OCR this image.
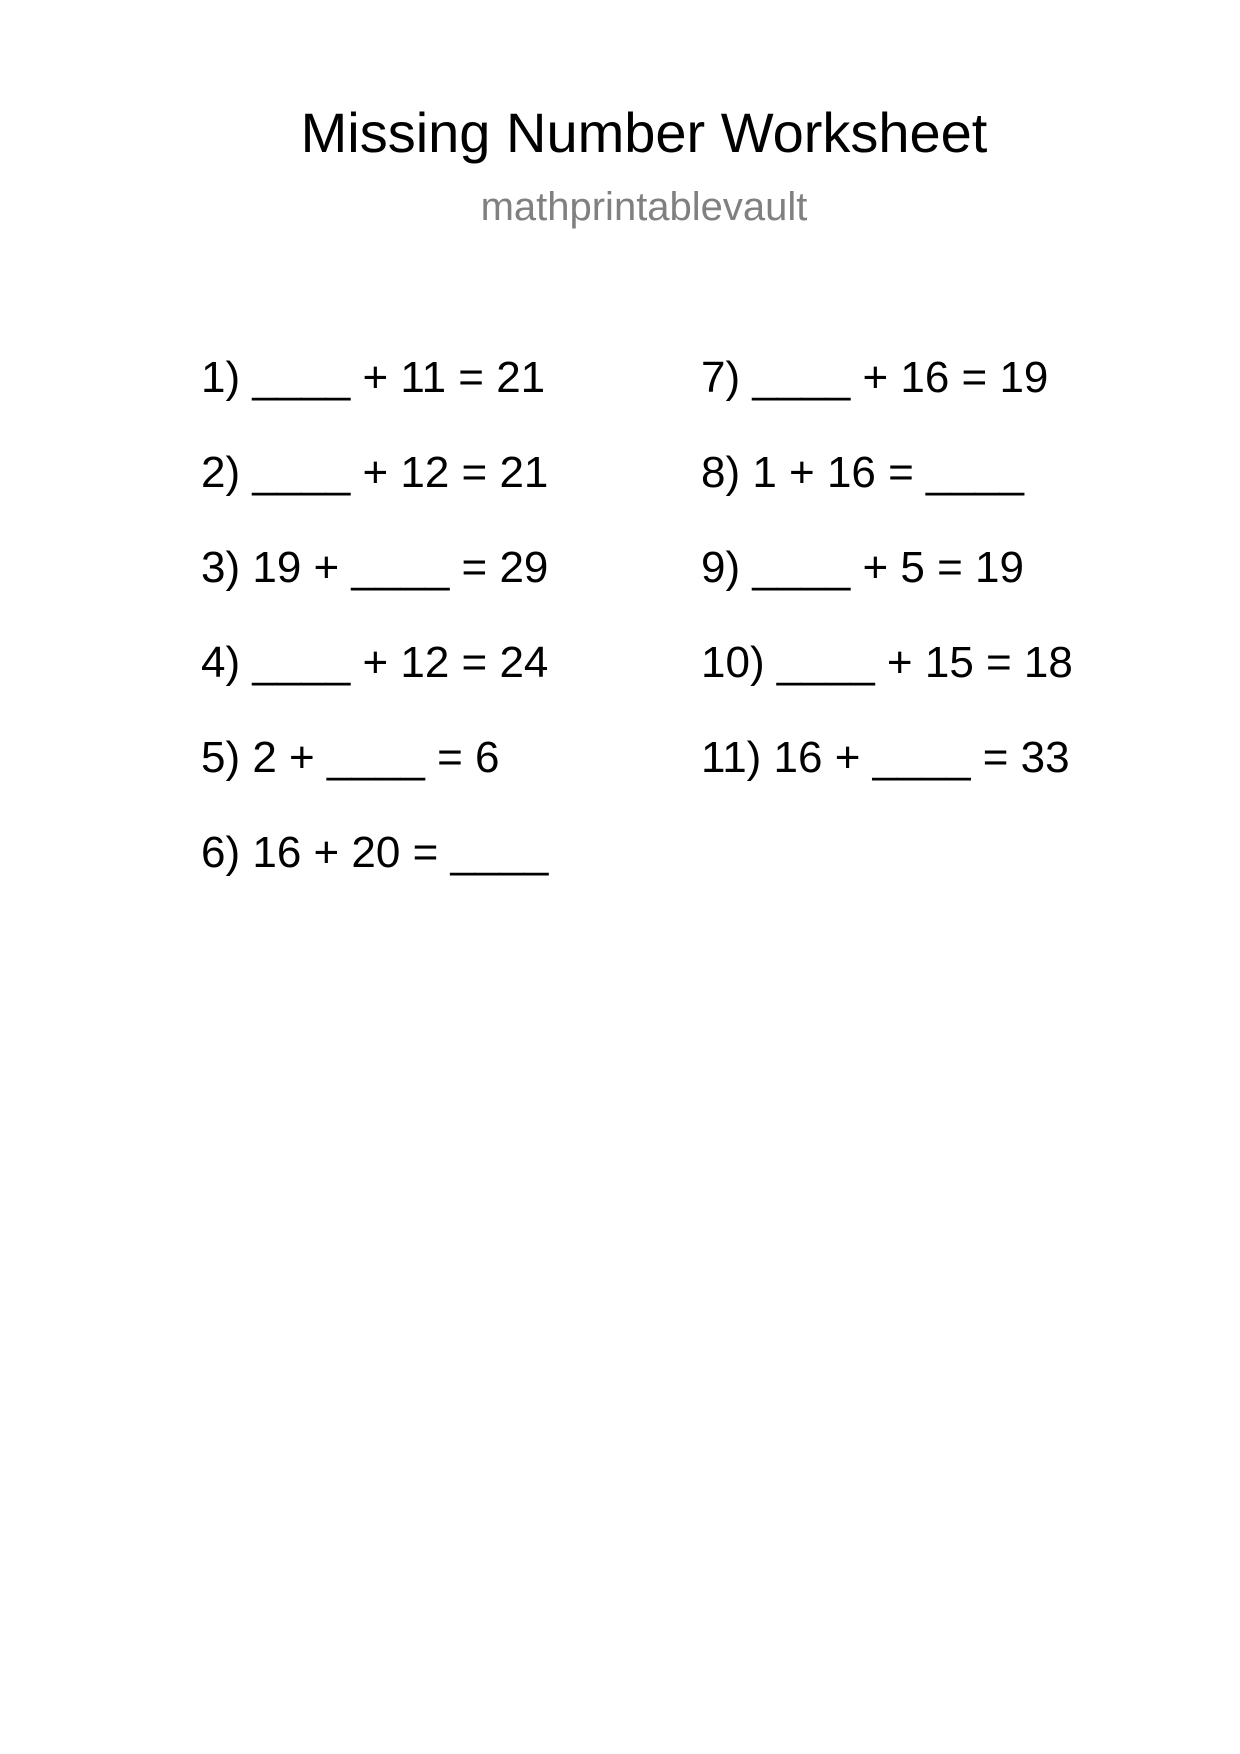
Missing Number Worksheet
mathprintablevault
1) ____ + 11 = 21
2) ____ + 12 = 21
3) 19 + ____ = 29
4) ____ + 12 = 24
5) 2 + ____ = 6
6) 16 + 20 = ____
7) ____ + 16 = 19
8) 1 + 16 = ____
9) ____ + 5 = 19
10) ____ + 15 = 18
11) 16 + ____ = 33
